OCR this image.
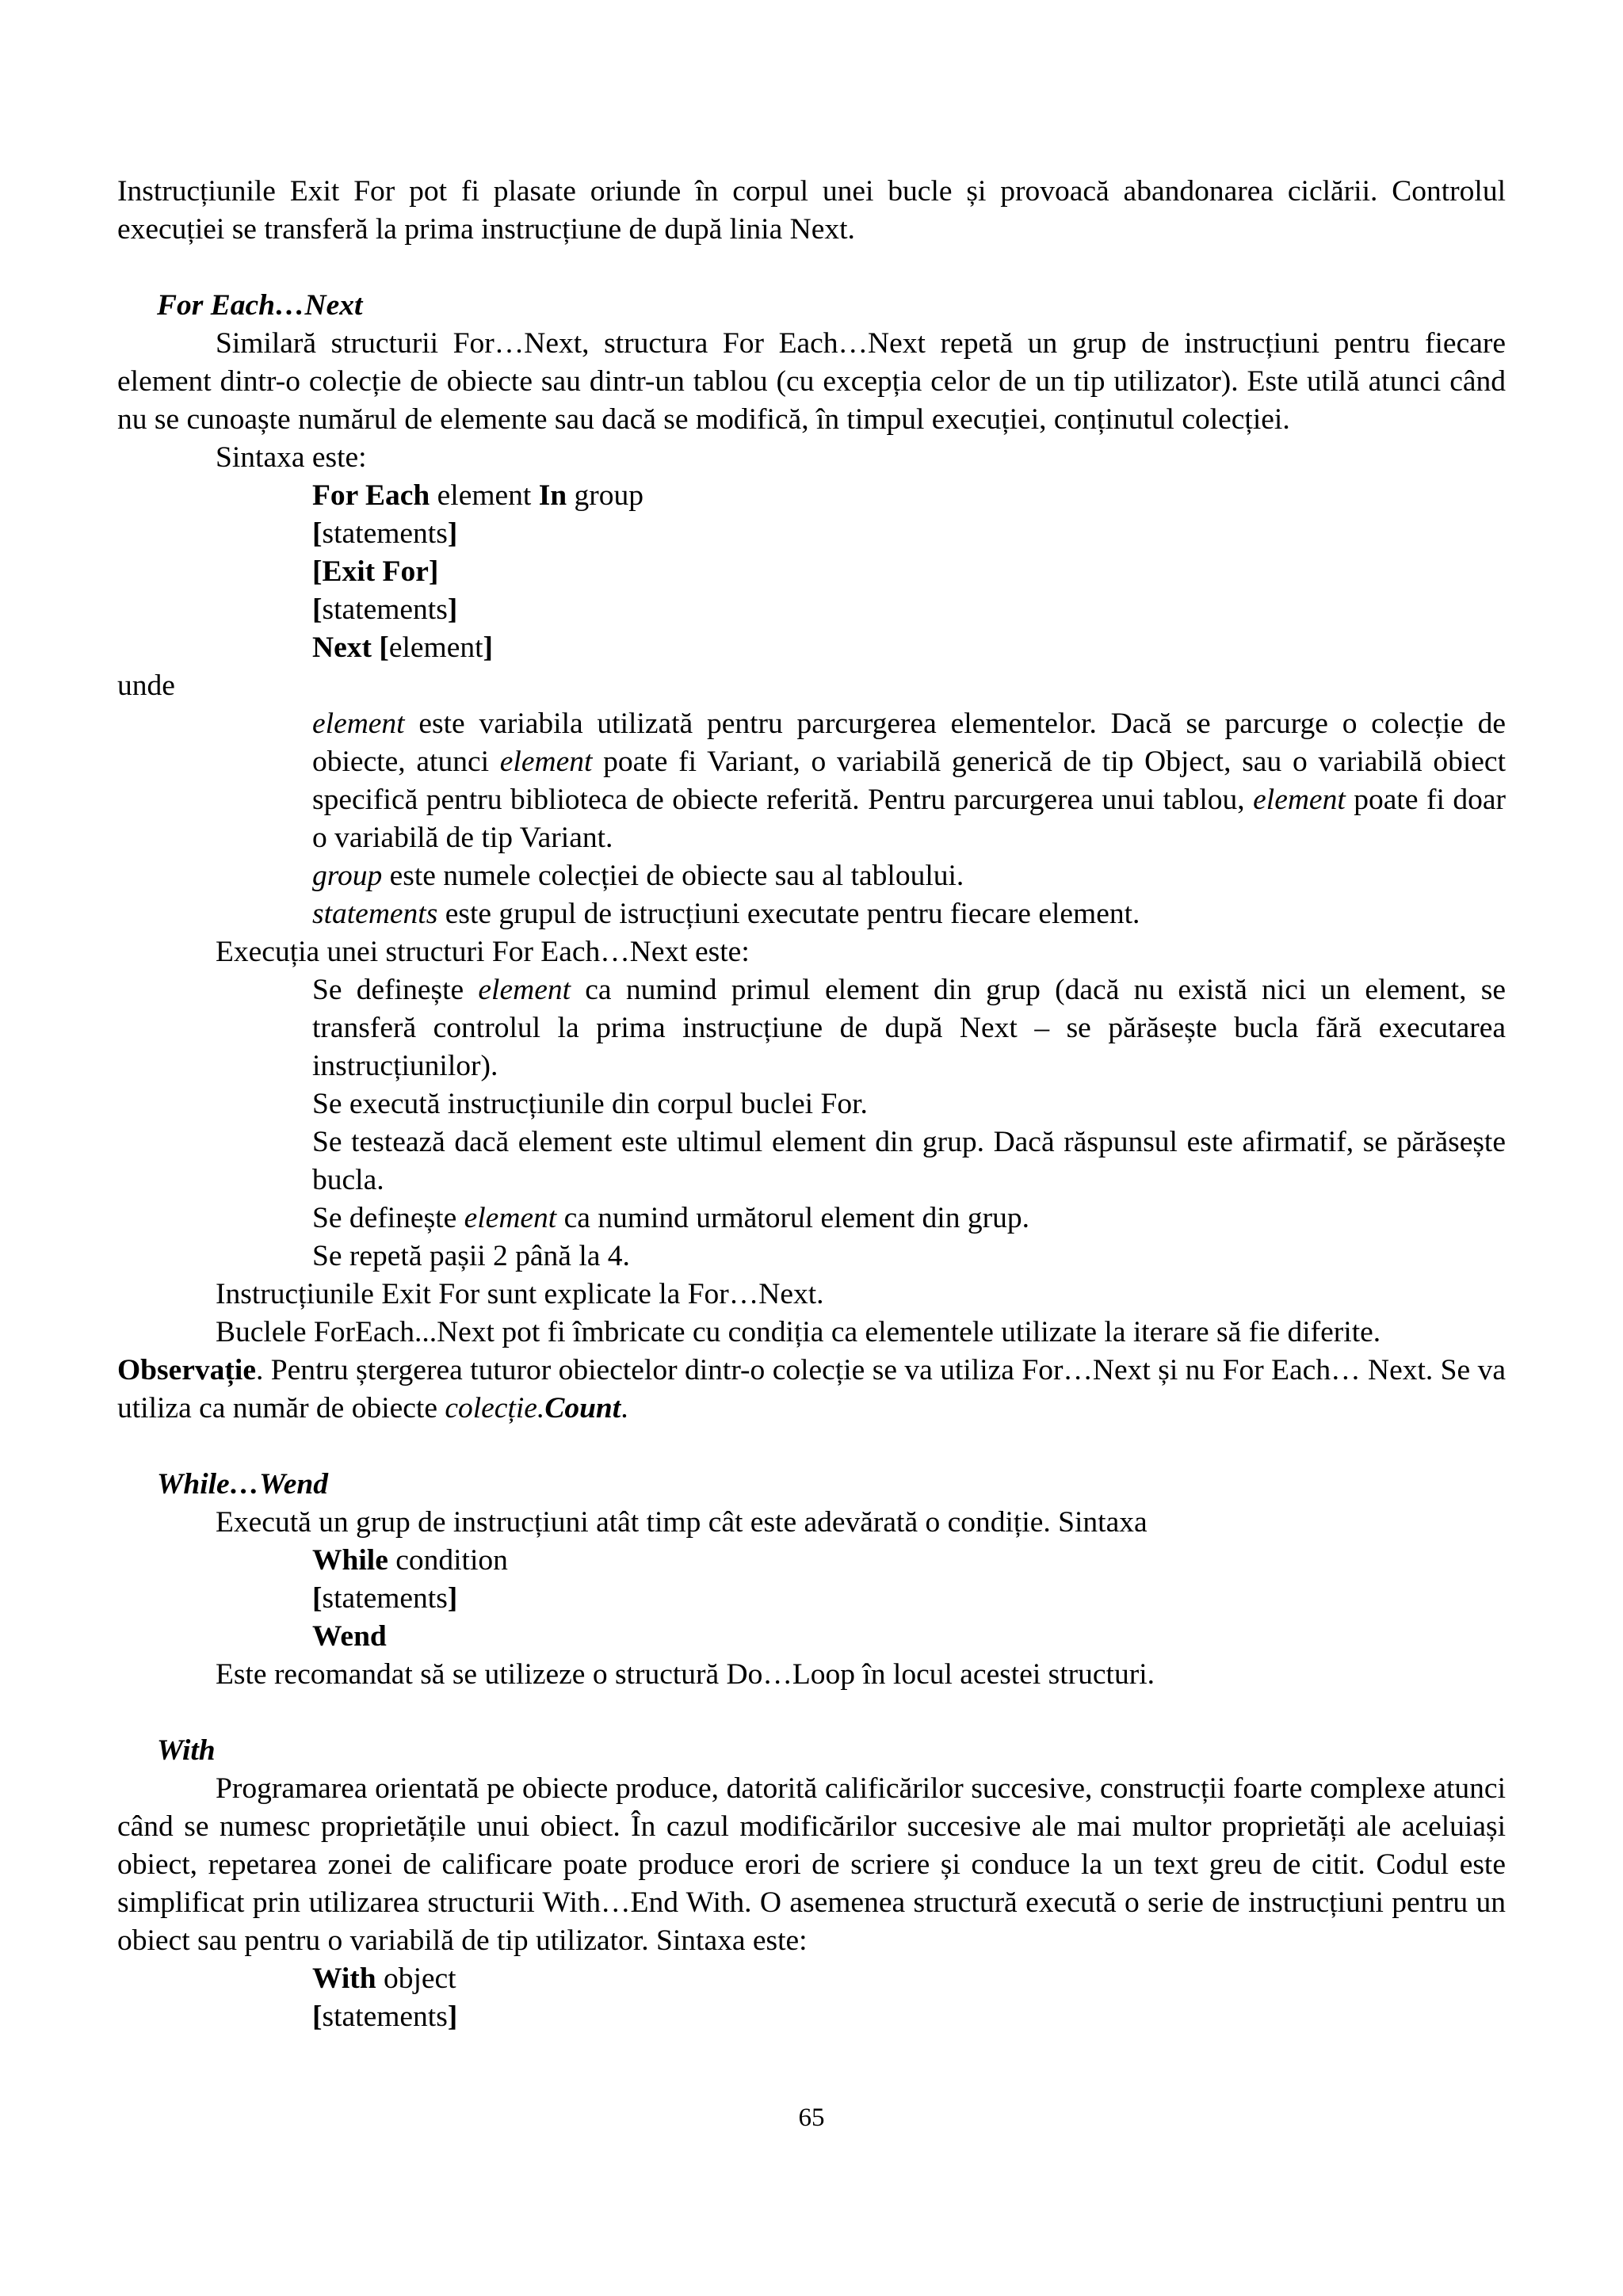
Instrucțiunile Exit For pot fi plasate oriunde în corpul unei bucle și provoacă abandonarea ciclării. Controlul execuției se transferă la prima instrucțiune de după linia Next.

For Each…Next

Similară structurii For…Next, structura For Each…Next repetă un grup de instrucțiuni pentru fiecare element dintr-o colecție de obiecte sau dintr-un tablou (cu excepția celor de un tip utilizator). Este utilă atunci când nu se cunoaște numărul de elemente sau dacă se modifică, în timpul execuției, conținutul colecției.

Sintaxa este:

For Each element In group

[statements]

[Exit For]

[statements]

Next [element]

unde

element este variabila utilizată pentru parcurgerea elementelor. Dacă se parcurge o colecție de obiecte, atunci element poate fi Variant, o variabilă generică de tip Object, sau o variabilă obiect specifică pentru biblioteca de obiecte referită. Pentru parcurgerea unui tablou, element poate fi doar o variabilă de tip Variant.

group este numele colecției de obiecte sau al tabloului.

statements este grupul de istrucțiuni executate pentru fiecare element.

Execuția unei structuri For Each…Next este:

Se definește element ca numind primul element din grup (dacă nu există nici un element, se transferă controlul la prima instrucțiune de după Next – se părăsește bucla fără executarea instrucțiunilor).

Se execută instrucțiunile din corpul buclei For.

Se testează dacă element este ultimul element din grup. Dacă răspunsul este afirmatif, se părăsește bucla.

Se definește element ca numind următorul element din grup.

Se repetă pașii 2 până la 4.

Instrucțiunile Exit For sunt explicate la For…Next.

Buclele ForEach...Next pot fi îmbricate cu condiția ca elementele utilizate la iterare să fie diferite.

Observație. Pentru ștergerea tuturor obiectelor dintr-o colecție se va utiliza For…Next și nu For Each… Next. Se va utiliza ca număr de obiecte colecție.Count.

While…Wend

Execută un grup de instrucțiuni atât timp cât este adevărată o condiție. Sintaxa

While condition

[statements]

Wend

Este recomandat să se utilizeze o structură Do…Loop în locul acestei structuri.

With

Programarea orientată pe obiecte produce, datorită calificărilor succesive, construcții foarte complexe atunci când se numesc proprietățile unui obiect. În cazul modificărilor succesive ale mai multor proprietăți ale aceluiași obiect, repetarea zonei de calificare poate produce erori de scriere și conduce la un text greu de citit. Codul este simplificat prin utilizarea structurii With…End With. O asemenea structură execută o serie de instrucțiuni pentru un obiect sau pentru o variabilă de tip utilizator. Sintaxa este:

With object

[statements]

65
